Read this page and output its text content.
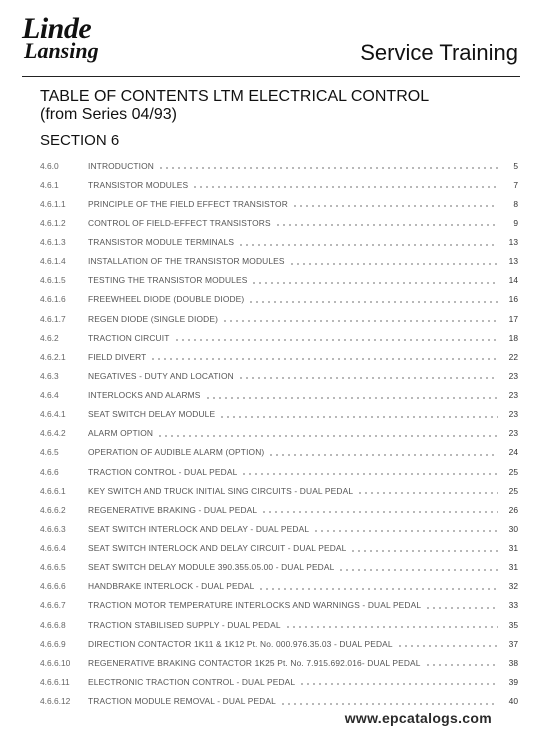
Linde
Lansing	Service Training
TABLE OF CONTENTS LTM ELECTRICAL CONTROL
(from Series 04/93)
SECTION 6
4.6.0	INTRODUCTION	5
4.6.1	TRANSISTOR MODULES	7
4.6.1.1	PRINCIPLE OF THE FIELD EFFECT TRANSISTOR	8
4.6.1.2	CONTROL OF FIELD-EFFECT TRANSISTORS	9
4.6.1.3	TRANSISTOR MODULE TERMINALS	13
4.6.1.4	INSTALLATION OF THE TRANSISTOR MODULES	13
4.6.1.5	TESTING THE TRANSISTOR MODULES	14
4.6.1.6	FREEWHEEL DIODE (DOUBLE DIODE)	16
4.6.1.7	REGEN DIODE (SINGLE DIODE)	17
4.6.2	TRACTION CIRCUIT	18
4.6.2.1	FIELD DIVERT	22
4.6.3	NEGATIVES - DUTY AND LOCATION	23
4.6.4	INTERLOCKS AND ALARMS	23
4.6.4.1	SEAT SWITCH DELAY MODULE	23
4.6.4.2	ALARM OPTION	23
4.6.5	OPERATION OF AUDIBLE ALARM (OPTION)	24
4.6.6	TRACTION CONTROL - DUAL PEDAL	25
4.6.6.1	KEY SWITCH AND TRUCK INITIAL SING CIRCUITS - DUAL PEDAL	25
4.6.6.2	REGENERATIVE BRAKING - DUAL PEDAL	26
4.6.6.3	SEAT SWITCH INTERLOCK AND DELAY - DUAL PEDAL	30
4.6.6.4	SEAT SWITCH INTERLOCK AND DELAY CIRCUIT - DUAL PEDAL	31
4.6.6.5	SEAT SWITCH DELAY MODULE 390.355.05.00 - DUAL PEDAL	31
4.6.6.6	HANDBRAKE INTERLOCK - DUAL PEDAL	32
4.6.6.7	TRACTION MOTOR TEMPERATURE INTERLOCKS AND WARNINGS - DUAL PEDAL	33
4.6.6.8	TRACTION STABILISED SUPPLY - DUAL PEDAL	35
4.6.6.9	DIRECTION CONTACTOR 1K11 & 1K12 Pt. No. 000.976.35.03 - DUAL PEDAL	37
4.6.6.10	REGENERATIVE BRAKING CONTACTOR 1K25 Pt. No. 7.915.692.016- DUAL PEDAL	38
4.6.6.11	ELECTRONIC TRACTION CONTROL - DUAL PEDAL	39
4.6.6.12	TRACTION MODULE REMOVAL - DUAL PEDAL	40
www.epcatalogs.com
